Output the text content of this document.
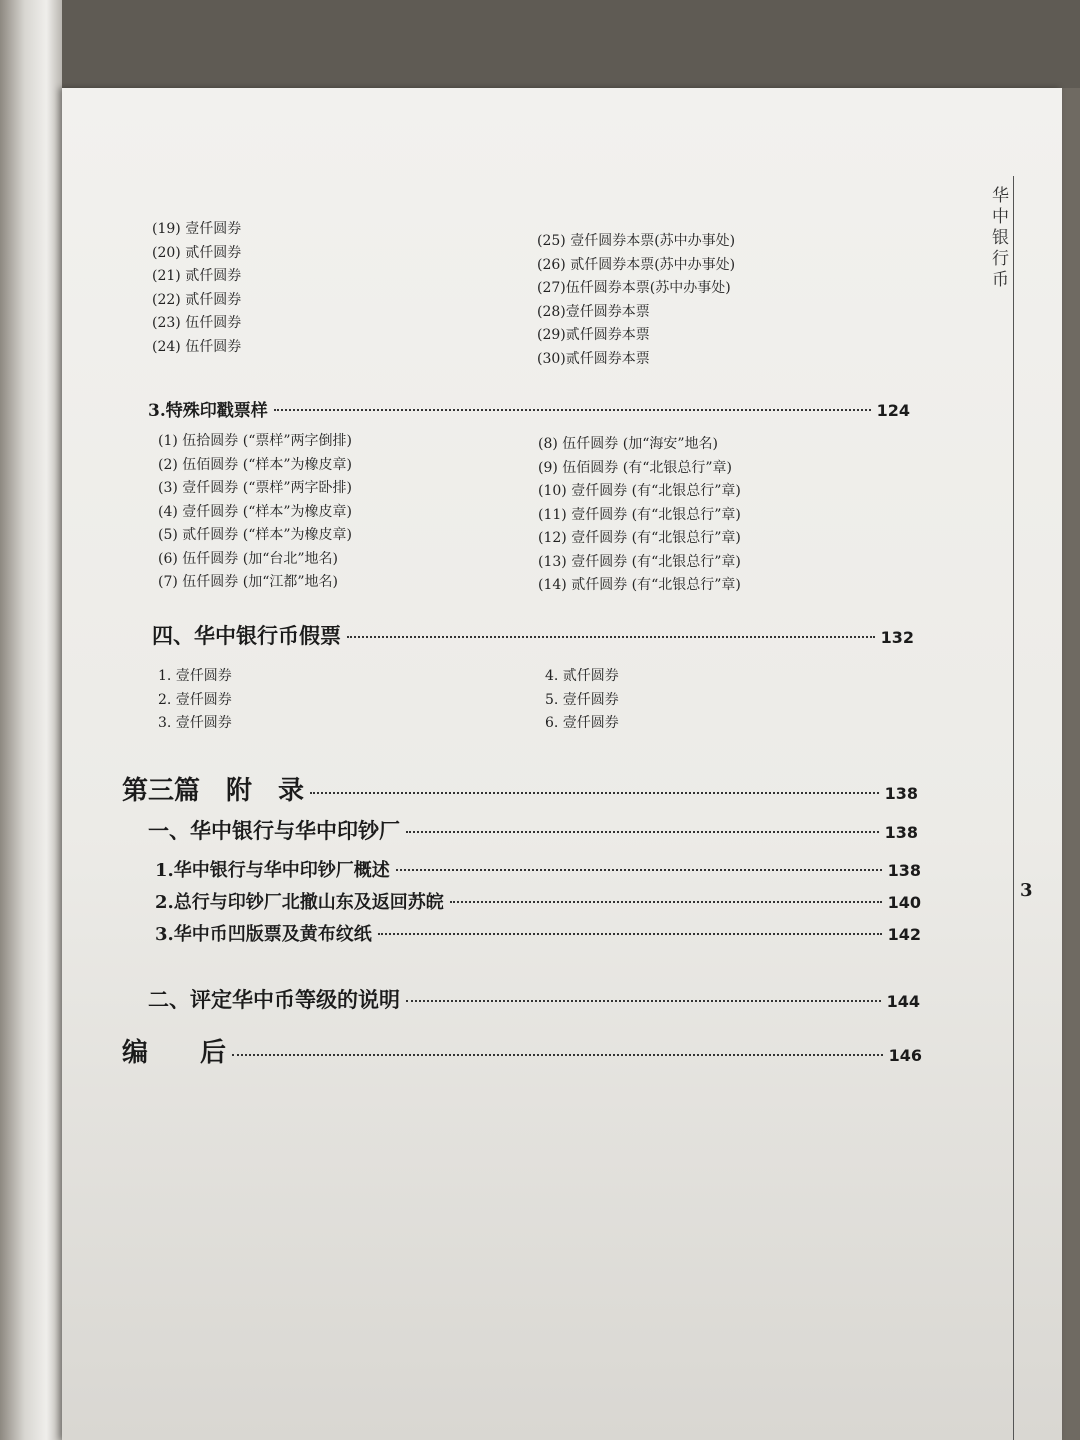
华中银行币
3
(19) 壹仟圆券
(20) 贰仟圆券
(21) 贰仟圆券
(22) 贰仟圆券
(23) 伍仟圆券
(24) 伍仟圆券
(25) 壹仟圆券本票(苏中办事处)
(26) 贰仟圆券本票(苏中办事处)
(27)伍仟圆券本票(苏中办事处)
(28)壹仟圆券本票
(29)贰仟圆券本票
(30)贰仟圆券本票
3.特殊印戳票样	124
(1) 伍拾圆券 (“票样”两字倒排)
(2) 伍佰圆券 (“样本”为橡皮章)
(3) 壹仟圆券 (“票样”两字卧排)
(4) 壹仟圆券 (“样本”为橡皮章)
(5) 贰仟圆券 (“样本”为橡皮章)
(6) 伍仟圆券 (加“台北”地名)
(7) 伍仟圆券 (加“江都”地名)
(8) 伍仟圆券 (加“海安”地名)
(9) 伍佰圆券 (有“北银总行”章)
(10) 壹仟圆券 (有“北银总行”章)
(11) 壹仟圆券 (有“北银总行”章)
(12) 壹仟圆券 (有“北银总行”章)
(13) 壹仟圆券 (有“北银总行”章)
(14) 贰仟圆券 (有“北银总行”章)
四、华中银行币假票	132
1. 壹仟圆券
2. 壹仟圆券
3. 壹仟圆券
4. 贰仟圆券
5. 壹仟圆券
6. 壹仟圆券
第三篇　附　录	138
一、华中银行与华中印钞厂	138
1.华中银行与华中印钞厂概述	138
2.总行与印钞厂北撤山东及返回苏皖	140
3.华中币凹版票及黄布纹纸	142
二、评定华中币等级的说明	144
编　　后	146
